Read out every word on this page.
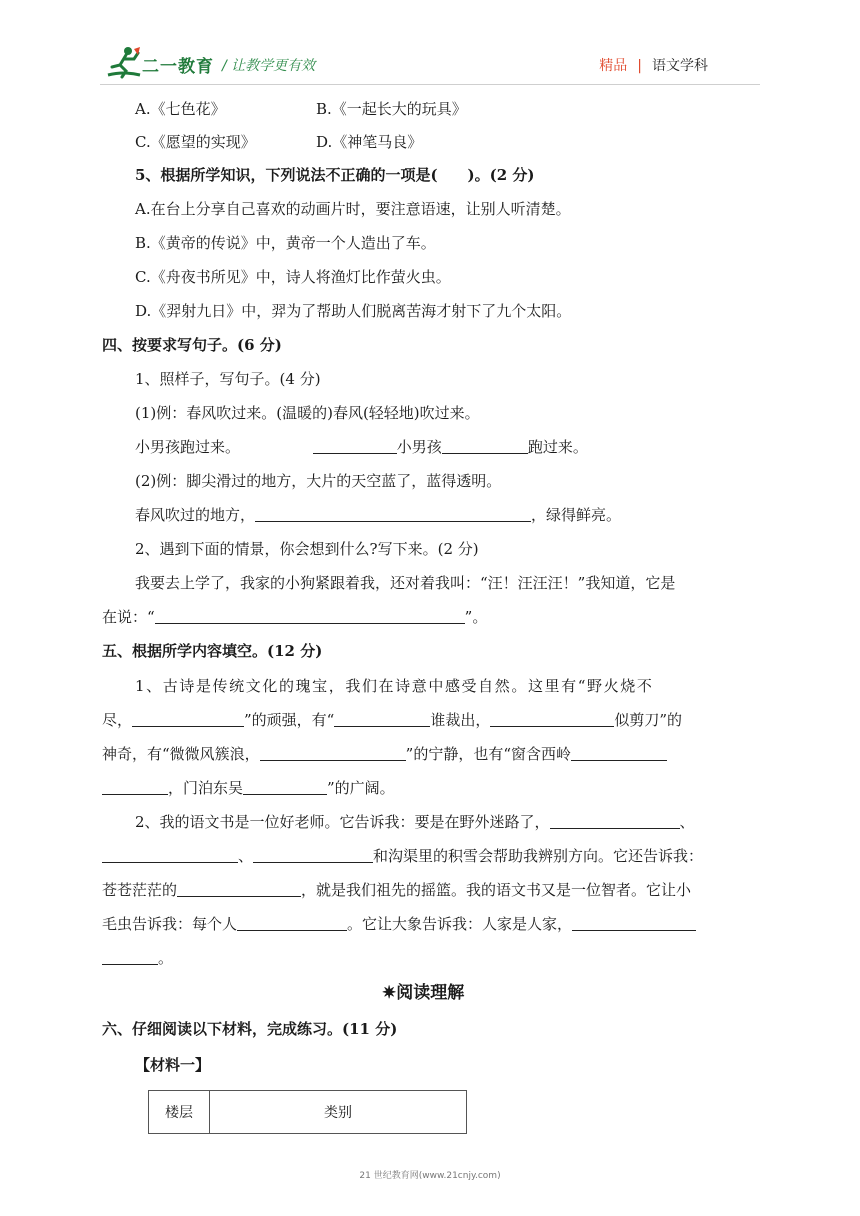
二一教育 / 让教学更有效	精品 | 语文学科
A.《七色花》	B.《一起长大的玩具》
C.《愿望的实现》	D.《神笔马良》
5、根据所学知识，下列说法不正确的一项是(　　)。(2 分)
A.在台上分享自己喜欢的动画片时，要注意语速，让别人听清楚。
B.《黄帝的传说》中，黄帝一个人造出了车。
C.《舟夜书所见》中，诗人将渔灯比作萤火虫。
D.《羿射九日》中，羿为了帮助人们脱离苦海才射下了九个太阳。
四、按要求写句子。(6 分)
1、照样子，写句子。(4 分)
(1)例：春风吹过来。(温暖的)春风(轻轻地)吹过来。
小男孩跑过来。	小男孩	跑过来。
(2)例：脚尖滑过的地方，大片的天空蓝了，蓝得透明。
春风吹过的地方，	，绿得鲜亮。
2、遇到下面的情景，你会想到什么?写下来。(2 分)
我要去上学了，我家的小狗紧跟着我，还对着我叫：“汪！汪汪汪！”我知道，它是
在说：“	”。
五、根据所学内容填空。(12 分)
1、古诗是传统文化的瑰宝，我们在诗意中感受自然。这里有“野火烧不
尽，	”的顽强，有“	谁裁出，	似剪刀”的
神奇，有“微微风簇浪，	”的宁静，也有“窗含西岭
，门泊东吴	”的广阔。
2、我的语文书是一位好老师。它告诉我：要是在野外迷路了，	、
、	和沟渠里的积雪会帮助我辨别方向。它还告诉我：
苍苍茫茫的	，就是我们祖先的摇篮。我的语文书又是一位智者。它让小
毛虫告诉我：每个人	。它让大象告诉我：人家是人家，
。
✷阅读理解
六、仔细阅读以下材料，完成练习。(11 分)
【材料一】
楼层	类别
21 世纪教育网(www.21cnjy.com)
